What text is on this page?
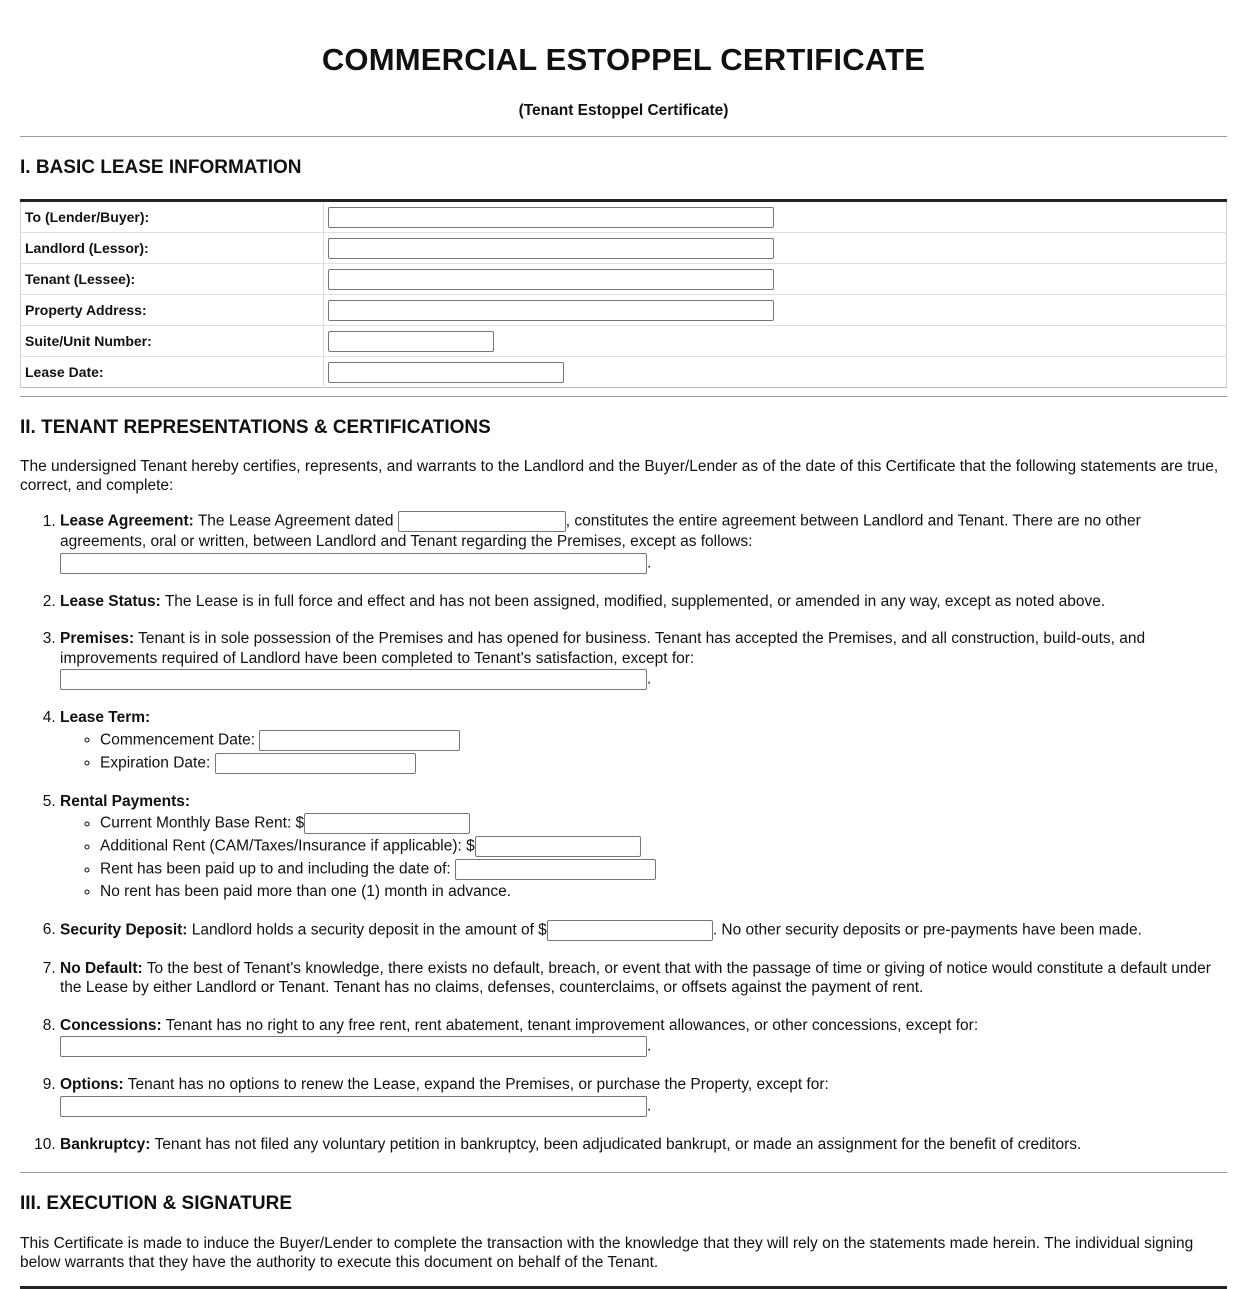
COMMERCIAL ESTOPPEL CERTIFICATE
(Tenant Estoppel Certificate)
I. BASIC LEASE INFORMATION
To (Lender/Buyer):	
Landlord (Lessor):	
Tenant (Lessee):	
Property Address:	
Suite/Unit Number:	
Lease Date:	
II. TENANT REPRESENTATIONS & CERTIFICATIONS
The undersigned Tenant hereby certifies, represents, and warrants to the Landlord and the Buyer/Lender as of the date of this Certificate that the following statements are true, correct, and complete:
1. Lease Agreement: The Lease Agreement dated	, constitutes the entire agreement between Landlord and Tenant. There are no other agreements, oral or written, between Landlord and Tenant regarding the Premises, except as follows:
.
2. Lease Status: The Lease is in full force and effect and has not been assigned, modified, supplemented, or amended in any way, except as noted above.
3. Premises: Tenant is in sole possession of the Premises and has opened for business. Tenant has accepted the Premises, and all construction, build-outs, and improvements required of Landlord have been completed to Tenant's satisfaction, except for:
.
4. Lease Term:
◦ Commencement Date:
◦ Expiration Date:
5. Rental Payments:
◦ Current Monthly Base Rent: $
◦ Additional Rent (CAM/Taxes/Insurance if applicable): $
◦ Rent has been paid up to and including the date of:
◦ No rent has been paid more than one (1) month in advance.
6. Security Deposit: Landlord holds a security deposit in the amount of $	. No other security deposits or pre-payments have been made.
7. No Default: To the best of Tenant's knowledge, there exists no default, breach, or event that with the passage of time or giving of notice would constitute a default under the Lease by either Landlord or Tenant. Tenant has no claims, defenses, counterclaims, or offsets against the payment of rent.
8. Concessions: Tenant has no right to any free rent, rent abatement, tenant improvement allowances, or other concessions, except for:
.
9. Options: Tenant has no options to renew the Lease, expand the Premises, or purchase the Property, except for:
.
10. Bankruptcy: Tenant has not filed any voluntary petition in bankruptcy, been adjudicated bankrupt, or made an assignment for the benefit of creditors.
III. EXECUTION & SIGNATURE
This Certificate is made to induce the Buyer/Lender to complete the transaction with the knowledge that they will rely on the statements made herein. The individual signing below warrants that they have the authority to execute this document on behalf of the Tenant.
